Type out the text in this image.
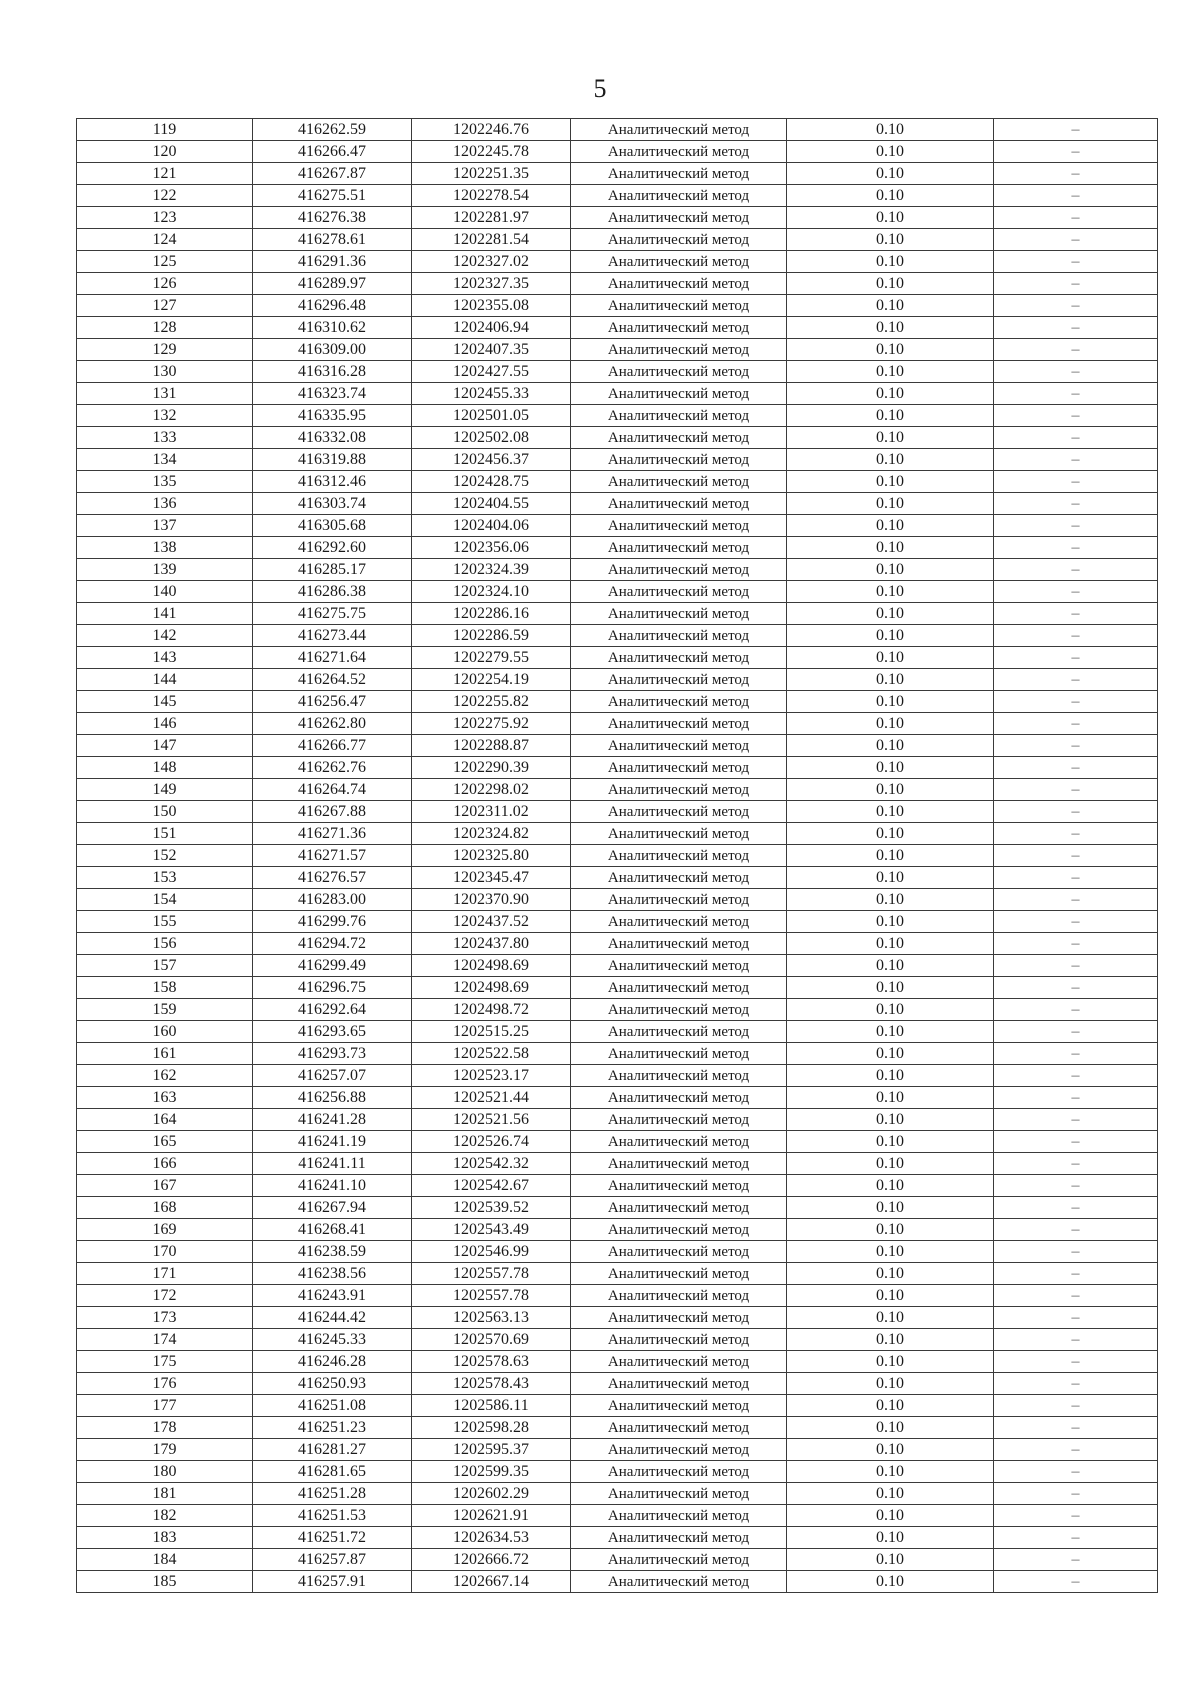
5
119	416262.59	1202246.76	Аналитический метод	0.10	–
120	416266.47	1202245.78	Аналитический метод	0.10	–
121	416267.87	1202251.35	Аналитический метод	0.10	–
122	416275.51	1202278.54	Аналитический метод	0.10	–
123	416276.38	1202281.97	Аналитический метод	0.10	–
124	416278.61	1202281.54	Аналитический метод	0.10	–
125	416291.36	1202327.02	Аналитический метод	0.10	–
126	416289.97	1202327.35	Аналитический метод	0.10	–
127	416296.48	1202355.08	Аналитический метод	0.10	–
128	416310.62	1202406.94	Аналитический метод	0.10	–
129	416309.00	1202407.35	Аналитический метод	0.10	–
130	416316.28	1202427.55	Аналитический метод	0.10	–
131	416323.74	1202455.33	Аналитический метод	0.10	–
132	416335.95	1202501.05	Аналитический метод	0.10	–
133	416332.08	1202502.08	Аналитический метод	0.10	–
134	416319.88	1202456.37	Аналитический метод	0.10	–
135	416312.46	1202428.75	Аналитический метод	0.10	–
136	416303.74	1202404.55	Аналитический метод	0.10	–
137	416305.68	1202404.06	Аналитический метод	0.10	–
138	416292.60	1202356.06	Аналитический метод	0.10	–
139	416285.17	1202324.39	Аналитический метод	0.10	–
140	416286.38	1202324.10	Аналитический метод	0.10	–
141	416275.75	1202286.16	Аналитический метод	0.10	–
142	416273.44	1202286.59	Аналитический метод	0.10	–
143	416271.64	1202279.55	Аналитический метод	0.10	–
144	416264.52	1202254.19	Аналитический метод	0.10	–
145	416256.47	1202255.82	Аналитический метод	0.10	–
146	416262.80	1202275.92	Аналитический метод	0.10	–
147	416266.77	1202288.87	Аналитический метод	0.10	–
148	416262.76	1202290.39	Аналитический метод	0.10	–
149	416264.74	1202298.02	Аналитический метод	0.10	–
150	416267.88	1202311.02	Аналитический метод	0.10	–
151	416271.36	1202324.82	Аналитический метод	0.10	–
152	416271.57	1202325.80	Аналитический метод	0.10	–
153	416276.57	1202345.47	Аналитический метод	0.10	–
154	416283.00	1202370.90	Аналитический метод	0.10	–
155	416299.76	1202437.52	Аналитический метод	0.10	–
156	416294.72	1202437.80	Аналитический метод	0.10	–
157	416299.49	1202498.69	Аналитический метод	0.10	–
158	416296.75	1202498.69	Аналитический метод	0.10	–
159	416292.64	1202498.72	Аналитический метод	0.10	–
160	416293.65	1202515.25	Аналитический метод	0.10	–
161	416293.73	1202522.58	Аналитический метод	0.10	–
162	416257.07	1202523.17	Аналитический метод	0.10	–
163	416256.88	1202521.44	Аналитический метод	0.10	–
164	416241.28	1202521.56	Аналитический метод	0.10	–
165	416241.19	1202526.74	Аналитический метод	0.10	–
166	416241.11	1202542.32	Аналитический метод	0.10	–
167	416241.10	1202542.67	Аналитический метод	0.10	–
168	416267.94	1202539.52	Аналитический метод	0.10	–
169	416268.41	1202543.49	Аналитический метод	0.10	–
170	416238.59	1202546.99	Аналитический метод	0.10	–
171	416238.56	1202557.78	Аналитический метод	0.10	–
172	416243.91	1202557.78	Аналитический метод	0.10	–
173	416244.42	1202563.13	Аналитический метод	0.10	–
174	416245.33	1202570.69	Аналитический метод	0.10	–
175	416246.28	1202578.63	Аналитический метод	0.10	–
176	416250.93	1202578.43	Аналитический метод	0.10	–
177	416251.08	1202586.11	Аналитический метод	0.10	–
178	416251.23	1202598.28	Аналитический метод	0.10	–
179	416281.27	1202595.37	Аналитический метод	0.10	–
180	416281.65	1202599.35	Аналитический метод	0.10	–
181	416251.28	1202602.29	Аналитический метод	0.10	–
182	416251.53	1202621.91	Аналитический метод	0.10	–
183	416251.72	1202634.53	Аналитический метод	0.10	–
184	416257.87	1202666.72	Аналитический метод	0.10	–
185	416257.91	1202667.14	Аналитический метод	0.10	–
